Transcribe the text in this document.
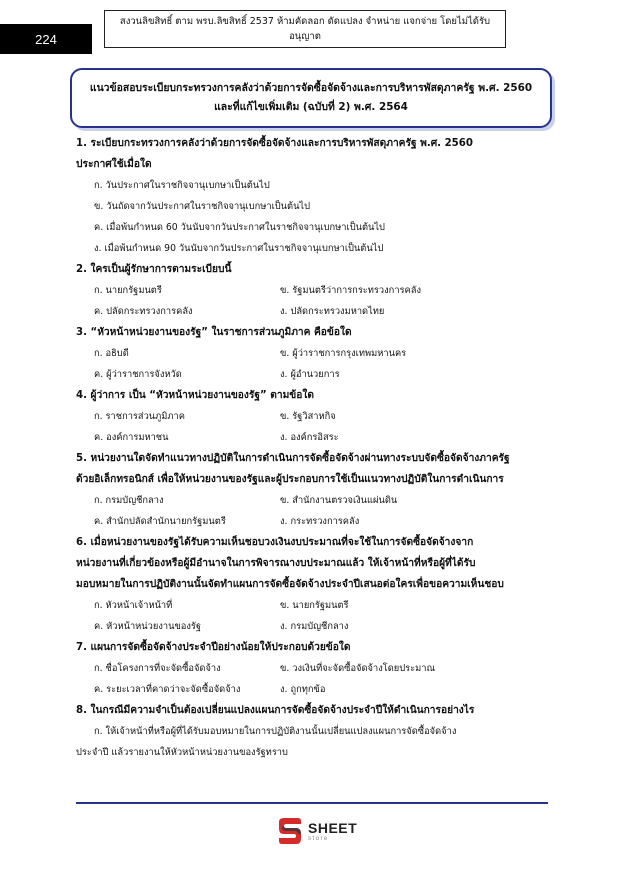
224
สงวนลิขสิทธิ์ ตาม พรบ.ลิขสิทธิ์ 2537 ห้ามคัดลอก ดัดแปลง จำหน่าย แจกจ่าย โดยไม่ได้รับอนุญาต
แนวข้อสอบระเบียบกระทรวงการคลังว่าด้วยการจัดซื้อจัดจ้างและการบริหารพัสดุภาครัฐ พ.ศ. 2560
และที่แก้ไขเพิ่มเติม (ฉบับที่ 2) พ.ศ. 2564
1. ระเบียบกระทรวงการคลังว่าด้วยการจัดซื้อจัดจ้างและการบริหารพัสดุภาครัฐ พ.ศ. 2560
ประกาศใช้เมื่อใด
ก. วันประกาศในราชกิจจานุเบกษาเป็นต้นไป
ข. วันถัดจากวันประกาศในราชกิจจานุเบกษาเป็นต้นไป
ค. เมื่อพ้นกำหนด 60 วันนับจากวันประกาศในราชกิจจานุเบกษาเป็นต้นไป
ง. เมื่อพ้นกำหนด 90 วันนับจากวันประกาศในราชกิจจานุเบกษาเป็นต้นไป
2. ใครเป็นผู้รักษาการตามระเบียบนี้
ก. นายกรัฐมนตรี	ข. รัฐมนตรีว่าการกระทรวงการคลัง
ค. ปลัดกระทรวงการคลัง	ง. ปลัดกระทรวงมหาดไทย
3. “หัวหน้าหน่วยงานของรัฐ” ในราชการส่วนภูมิภาค คือข้อใด
ก. อธิบดี	ข. ผู้ว่าราชการกรุงเทพมหานคร
ค. ผู้ว่าราชการจังหวัด	ง. ผู้อำนวยการ
4. ผู้ว่าการ เป็น “หัวหน้าหน่วยงานของรัฐ” ตามข้อใด
ก. ราชการส่วนภูมิภาค	ข. รัฐวิสาหกิจ
ค. องค์การมหาชน	ง. องค์กรอิสระ
5. หน่วยงานใดจัดทำแนวทางปฏิบัติในการดำเนินการจัดซื้อจัดจ้างผ่านทางระบบจัดซื้อจัดจ้างภาครัฐ
ด้วยอิเล็กทรอนิกส์ เพื่อให้หน่วยงานของรัฐและผู้ประกอบการใช้เป็นแนวทางปฏิบัติในการดำเนินการ
ก. กรมบัญชีกลาง	ข. สำนักงานตรวจเงินแผ่นดิน
ค. สำนักปลัดสำนักนายกรัฐมนตรี	ง. กระทรวงการคลัง
6. เมื่อหน่วยงานของรัฐได้รับความเห็นชอบวงเงินงบประมาณที่จะใช้ในการจัดซื้อจัดจ้างจาก
หน่วยงานที่เกี่ยวข้องหรือผู้มีอำนาจในการพิจารณางบประมาณแล้ว ให้เจ้าหน้าที่หรือผู้ที่ได้รับ
มอบหมายในการปฏิบัติงานนั้นจัดทำแผนการจัดซื้อจัดจ้างประจำปีเสนอต่อใครเพื่อขอความเห็นชอบ
ก. หัวหน้าเจ้าหน้าที่	ข. นายกรัฐมนตรี
ค. หัวหน้าหน่วยงานของรัฐ	ง. กรมบัญชีกลาง
7. แผนการจัดซื้อจัดจ้างประจำปีอย่างน้อยให้ประกอบด้วยข้อใด
ก. ชื่อโครงการที่จะจัดซื้อจัดจ้าง	ข. วงเงินที่จะจัดซื้อจัดจ้างโดยประมาณ
ค. ระยะเวลาที่คาดว่าจะจัดซื้อจัดจ้าง	ง. ถูกทุกข้อ
8. ในกรณีมีความจำเป็นต้องเปลี่ยนแปลงแผนการจัดซื้อจัดจ้างประจำปีให้ดำเนินการอย่างไร
ก. ให้เจ้าหน้าที่หรือผู้ที่ได้รับมอบหมายในการปฏิบัติงานนั้นเปลี่ยนแปลงแผนการจัดซื้อจัดจ้าง
ประจำปี แล้วรายงานให้หัวหน้าหน่วยงานของรัฐทราบ
SHEET
store
